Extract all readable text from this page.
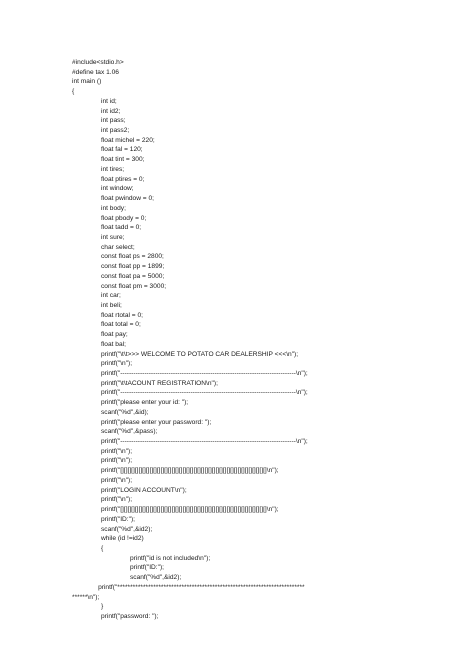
#include<stdio.h>
#define tax 1.06
int main ()
{
int id;
int id2;
int pass;
int pass2;
float michel = 220;
float fal = 120;
float tint = 300;
int tires;
float ptires = 0;
int window;
float pwindow = 0;
int body;
float pbody = 0;
float tadd = 0;
int sure;
char select;
const float ps = 2800;
const float pp = 1899;
const float pa = 5000;
const float pm = 3000;
int car;
int beli;
float rtotal = 0;
float total = 0;
float pay;
float bal;
printf("\t\t>>> WELCOME TO POTATO CAR DEALERSHIP <<<\n");
printf("\n");
printf("--------------------------------------------------------------------------------\n");
printf("\t\tACOUNT REGISTRATION\n");
printf("--------------------------------------------------------------------------------\n");
printf("please enter your id: ");
scanf("%d",&id);
printf("please enter your password: ");
scanf("%d",&pass);
printf("--------------------------------------------------------------------------------\n");
printf("\n");
printf("\n");
printf("[][][][][][][][][][][][][][][][][][][][][][][][][][][][][][][][][][][][][][][][]\n");
printf("\n");
printf("LOGIN ACCOUNT\n");
printf("\n");
printf("[][][][][][][][][][][][][][][][][][][][][][][][][][][][][][][][][][][][][][][][]\n");
printf("ID:");
scanf("%d",&id2);
while (id !=id2)
{
printf("id is not included\n");
printf("ID:");
scanf("%d",&id2);
printf("*************************************************************************
******\n");
}
printf("password: ");
